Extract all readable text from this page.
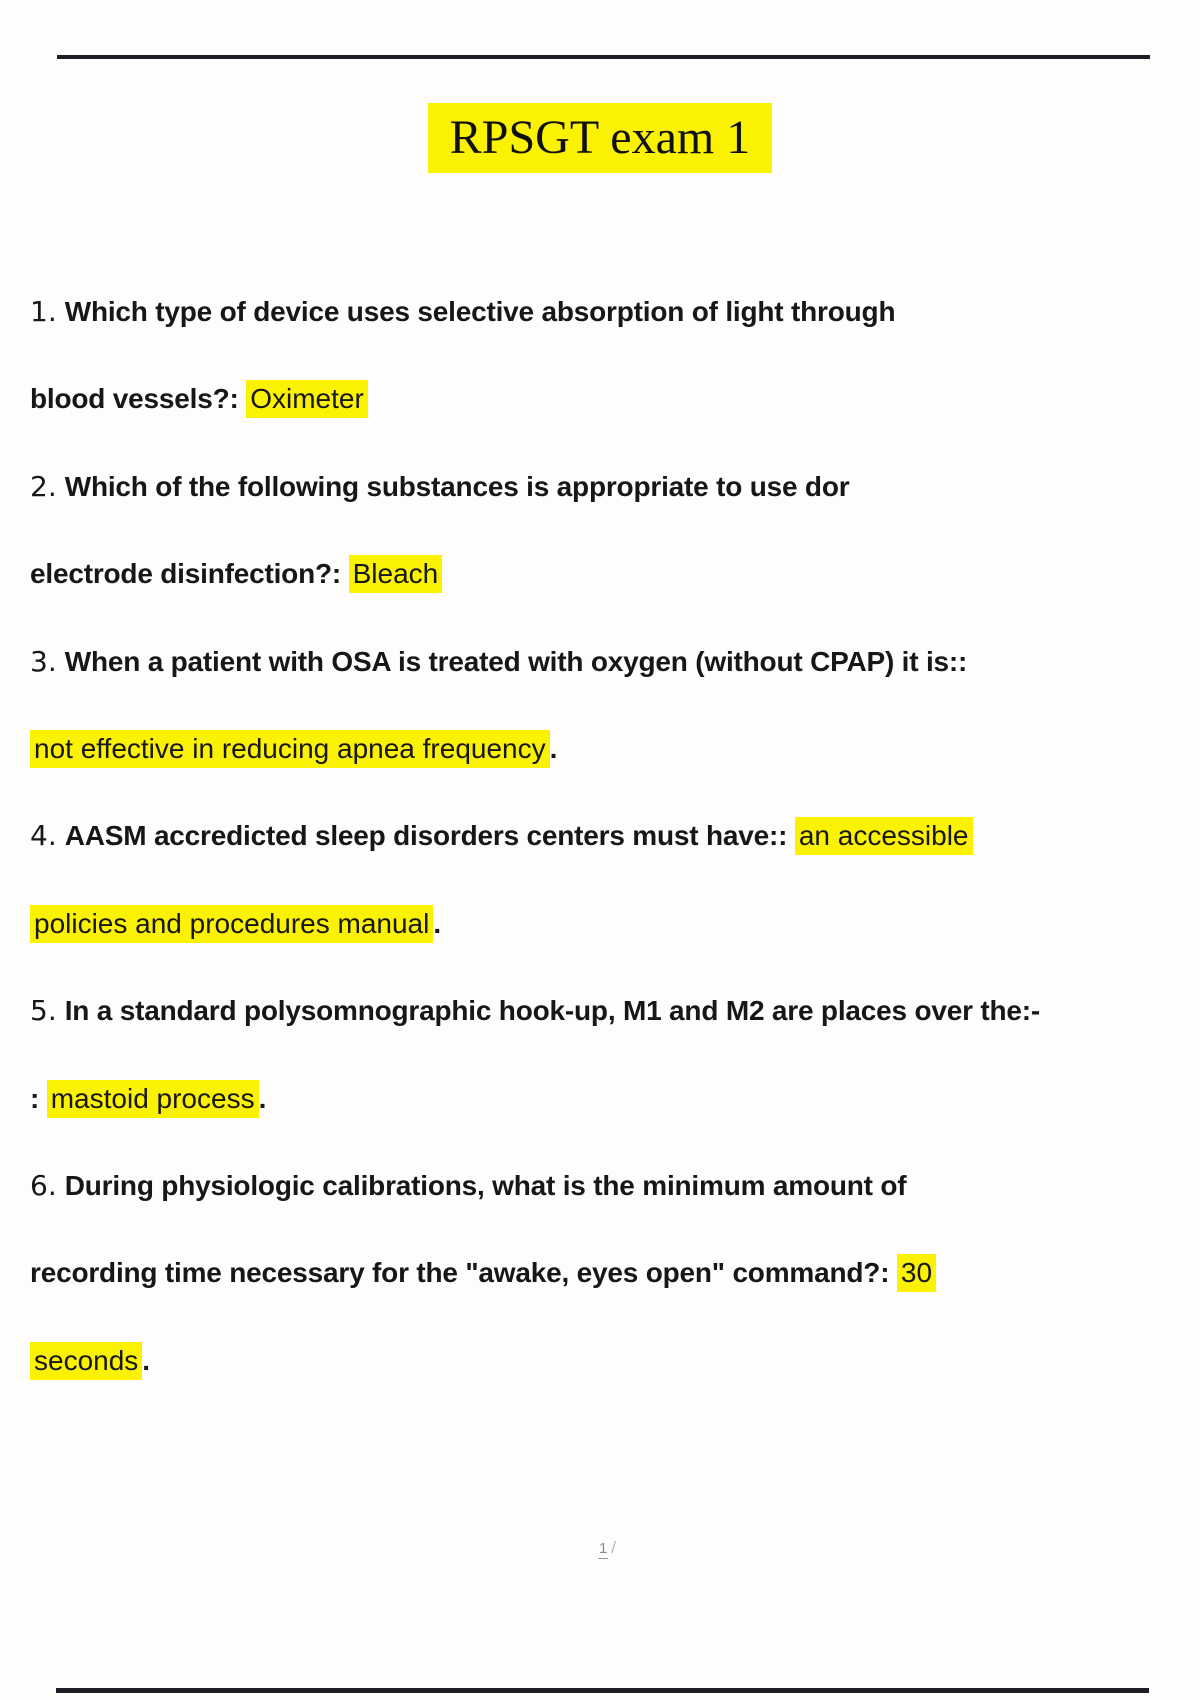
RPSGT exam 1
1. Which type of device uses selective absorption of light through
blood vessels?: Oximeter
2. Which of the following substances is appropriate to use dor
electrode disinfection?: Bleach
3. When a patient with OSA is treated with oxygen (without CPAP) it is::
not effective in reducing apnea frequency .
4. AASM accredicted sleep disorders centers must have:: an accessible
policies and procedures manual .
5. In a standard polysomnographic hook-up, M1 and M2 are places over the:-
: mastoid process .
6. During physiologic calibrations, what is the minimum amount of
recording time necessary for the "awake, eyes open" command?: 30
seconds .
1 /
